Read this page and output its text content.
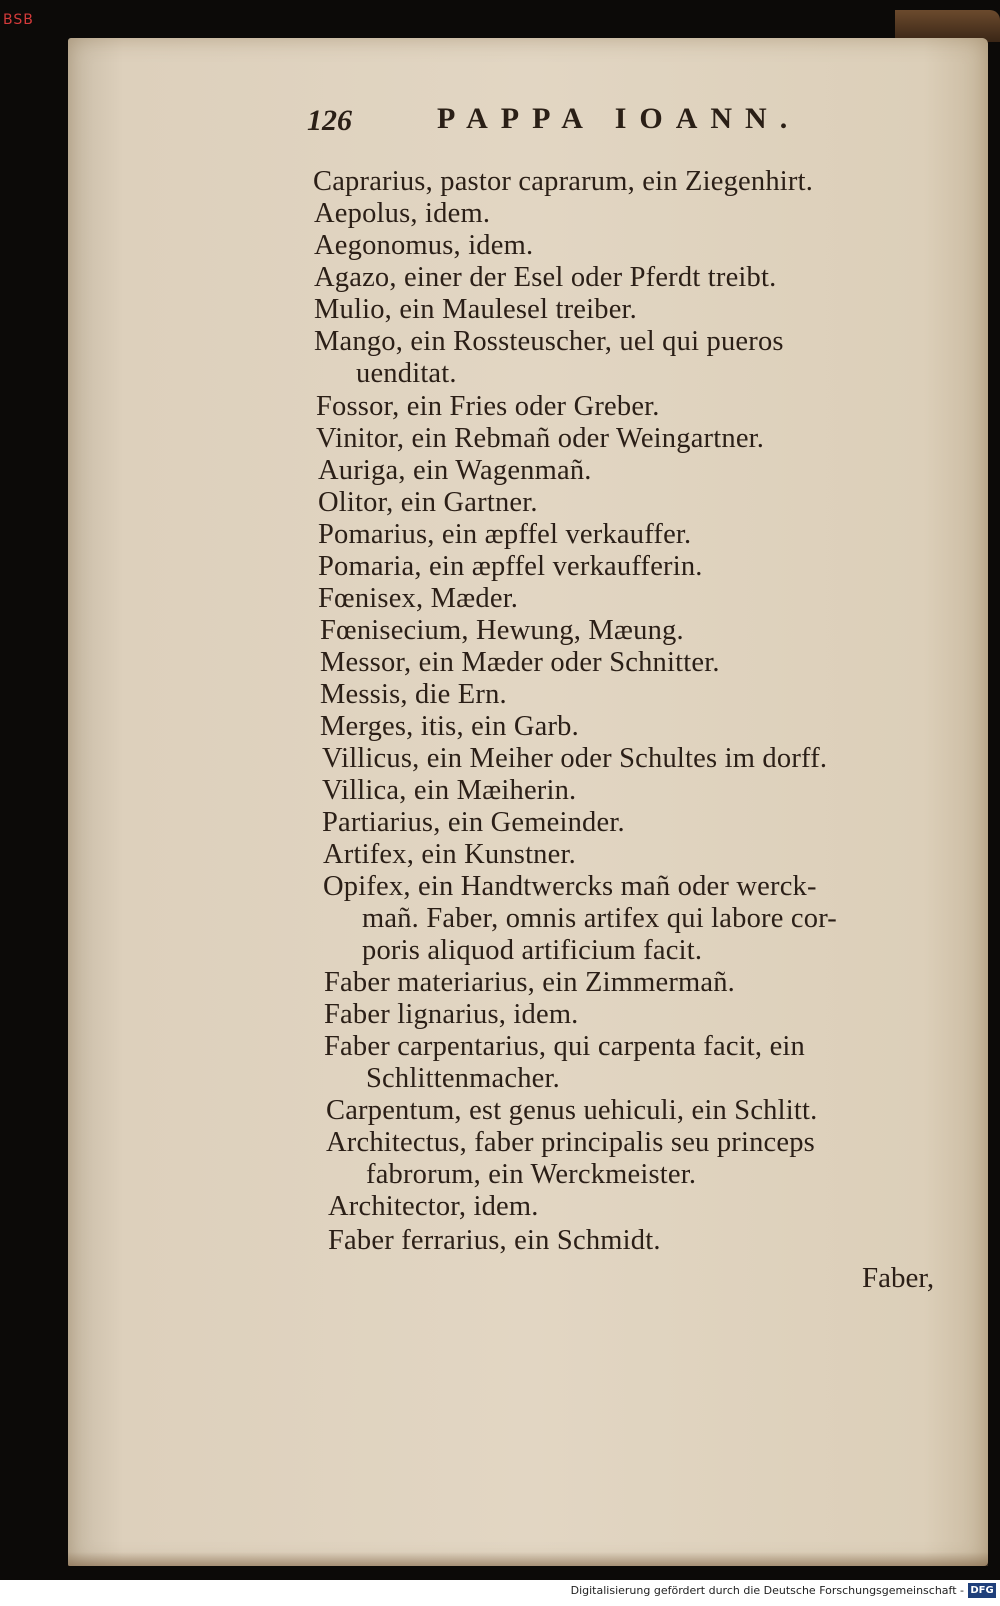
BSB
126	PAPPA IOANN.
Caprarius, pastor caprarum, ein Ziegenhirt.
Aepolus, idem.
Aegonomus, idem.
Agazo, einer der Esel oder Pferdt treibt.
Mulio, ein Maulesel treiber.
Mango, ein Rossteuscher, uel qui pueros
uenditat.
Fossor, ein Fries oder Greber.
Vinitor, ein Rebmañ oder Weingartner.
Auriga, ein Wagenmañ.
Olitor, ein Gartner.
Pomarius, ein æpffel verkauffer.
Pomaria, ein æpffel verkaufferin.
Fœnisex, Mæder.
Fœnisecium, Hewung, Mæung.
Messor, ein Mæder oder Schnitter.
Messis, die Ern.
Merges, itis, ein Garb.
Villicus, ein Meiher oder Schultes im dorff.
Villica, ein Mæiherin.
Partiarius, ein Gemeinder.
Artifex, ein Kunstner.
Opifex, ein Handtwercks mañ oder werck-
mañ. Faber, omnis artifex qui labore cor-
poris aliquod artificium facit.
Faber materiarius, ein Zimmermañ.
Faber lignarius, idem.
Faber carpentarius, qui carpenta facit, ein
Schlittenmacher.
Carpentum, est genus uehiculi, ein Schlitt.
Architectus, faber principalis seu princeps
fabrorum, ein Werckmeister.
Architector, idem.
Faber ferrarius, ein Schmidt.
Faber,
Digitalisierung gefördert durch die Deutsche Forschungsgemeinschaft - DFG
